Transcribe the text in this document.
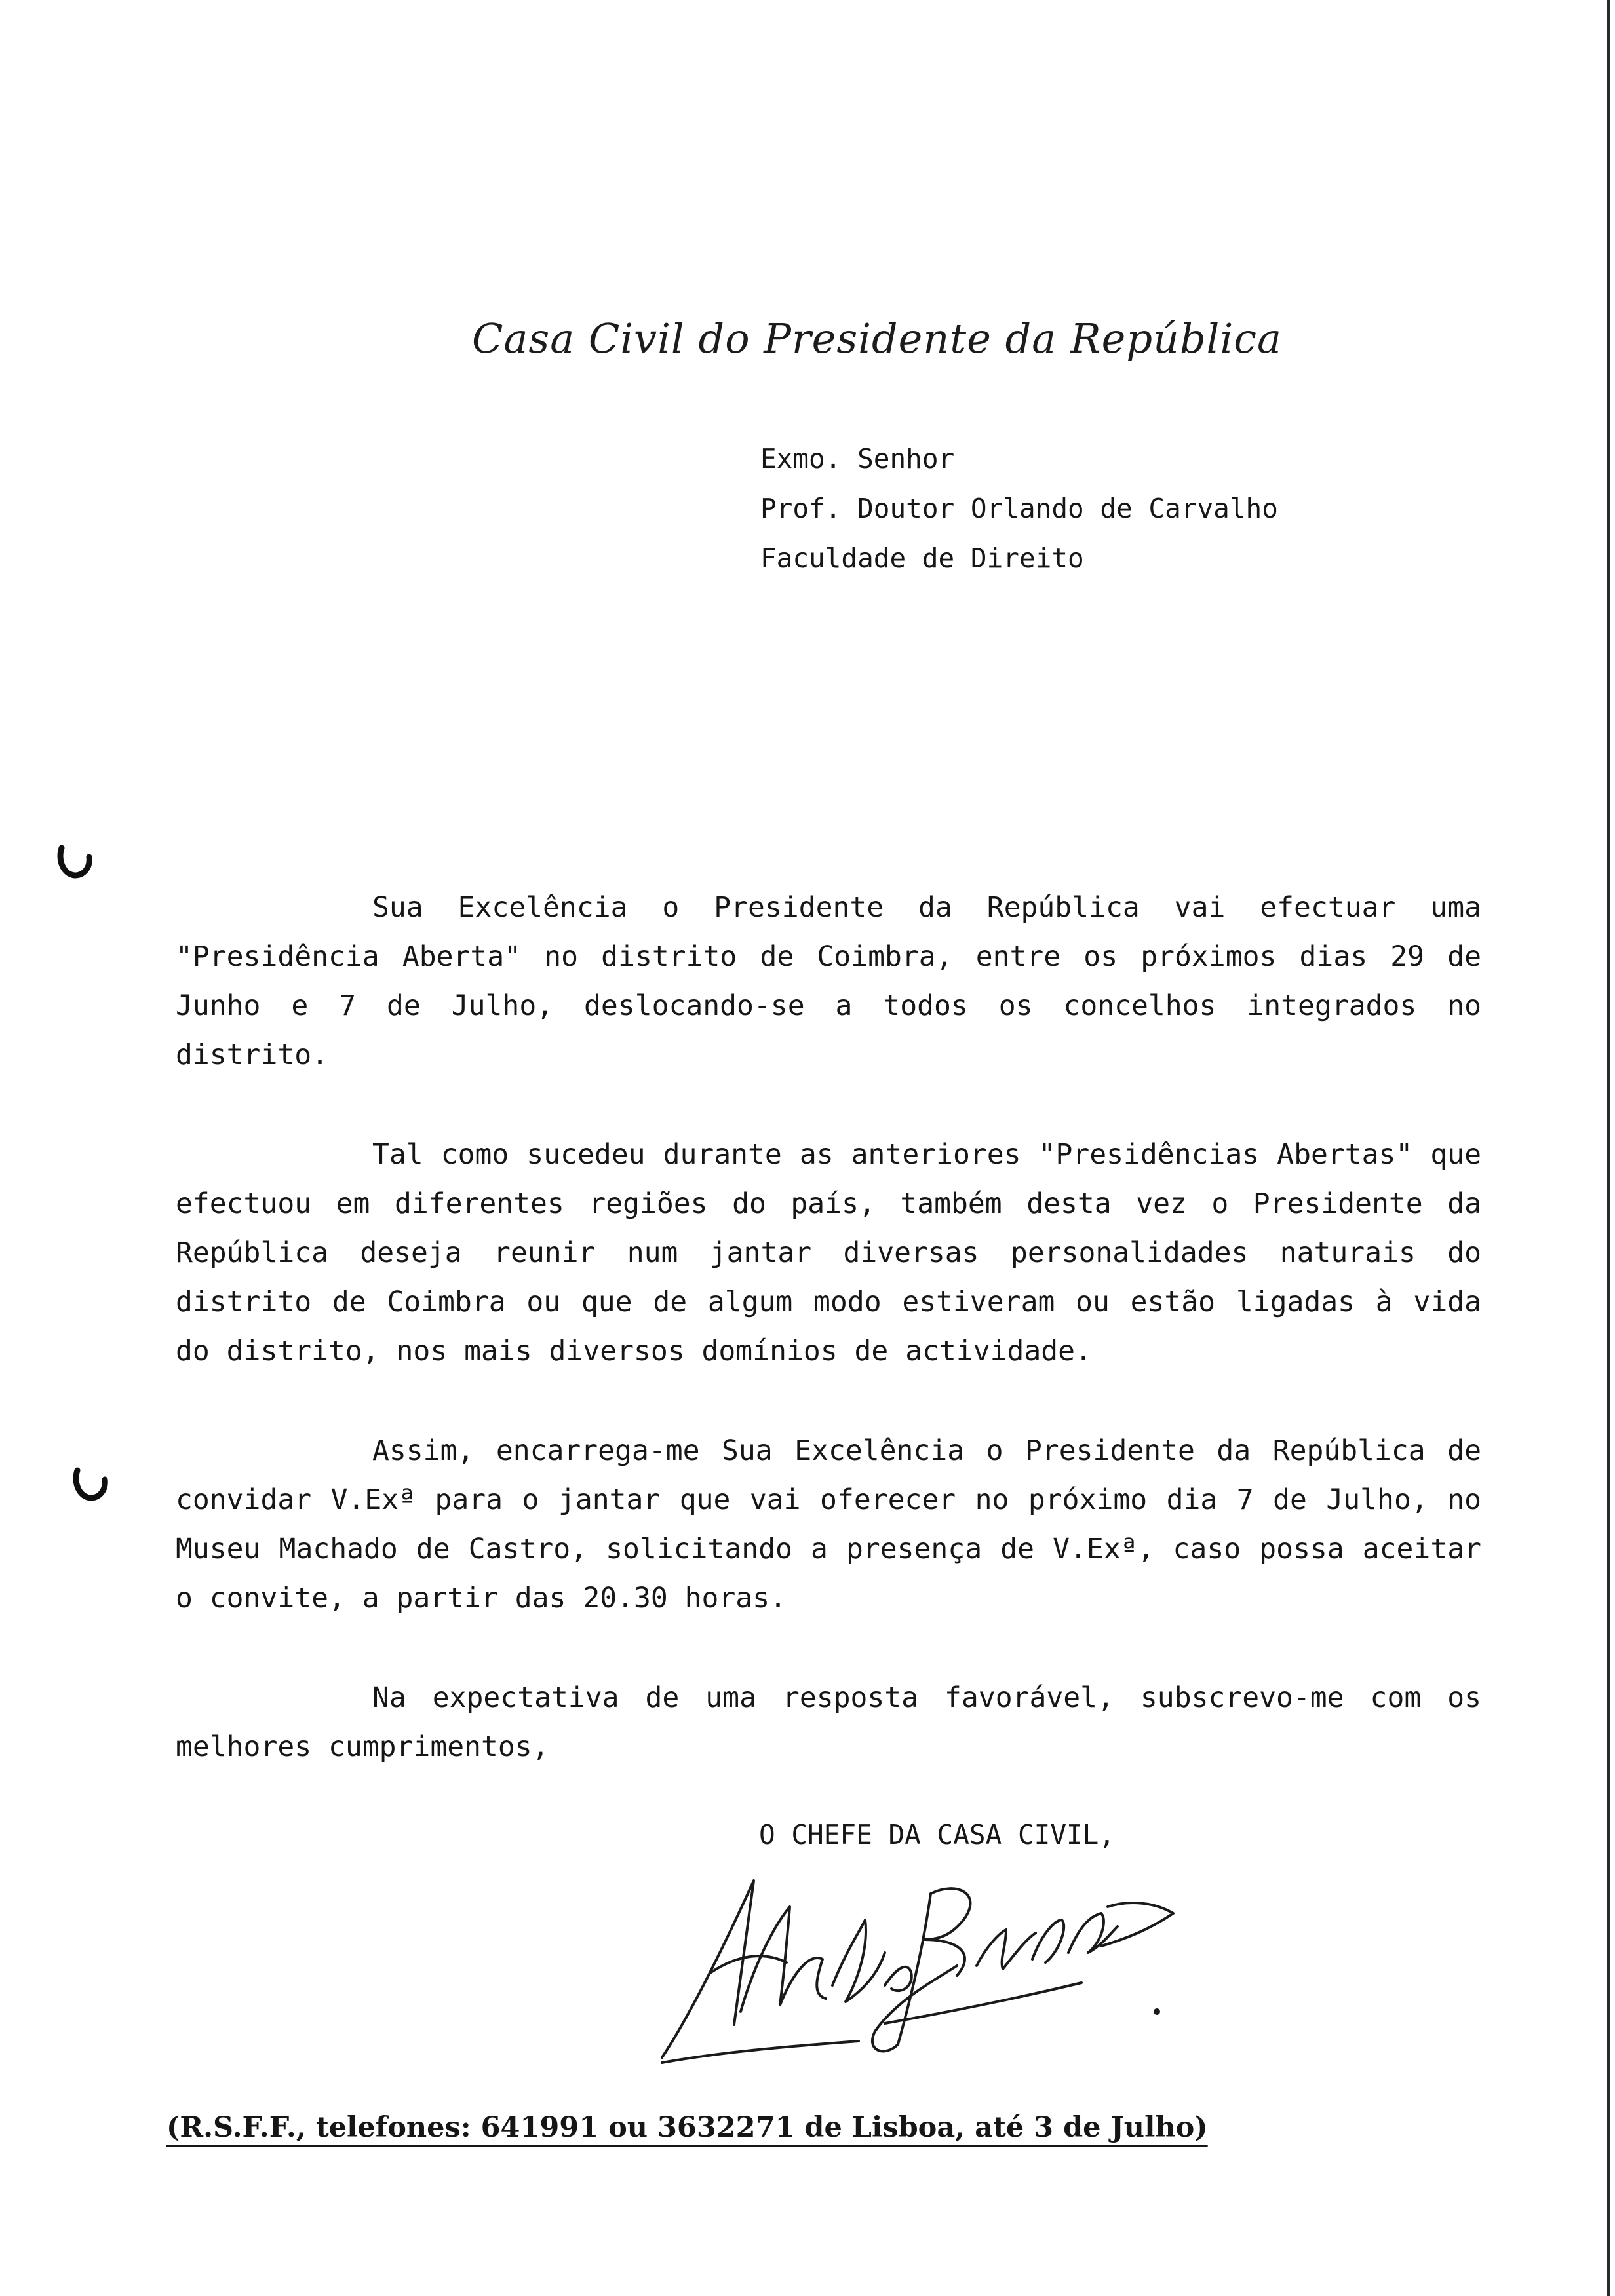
Casa Civil do Presidente da República
Exmo. Senhor
Prof. Doutor Orlando de Carvalho
Faculdade de Direito

Sua Excelência o Presidente da República vai efectuar uma "Presidência Aberta" no distrito de Coimbra, entre os próximos dias 29 de Junho e 7 de Julho, deslocando-se a todos os concelhos integrados no distrito.

Tal como sucedeu durante as anteriores "Presidências Abertas" que efectuou em diferentes regiões do país, também desta vez o Presidente da República deseja reunir num jantar diversas personalidades naturais do distrito de Coimbra ou que de algum modo estiveram ou estão ligadas à vida do distrito, nos mais diversos domínios de actividade.

Assim, encarrega-me Sua Excelência o Presidente da República de convidar V.Exª para o jantar que vai oferecer no próximo dia 7 de Julho, no Museu Machado de Castro, solicitando a presença de V.Exª, caso possa aceitar o convite, a partir das 20.30 horas.

Na expectativa de uma resposta favorável, subscrevo-me com os melhores cumprimentos,

O CHEFE DA CASA CIVIL,
(R.S.F.F., telefones: 641991 ou 3632271 de Lisboa, até 3 de Julho)
